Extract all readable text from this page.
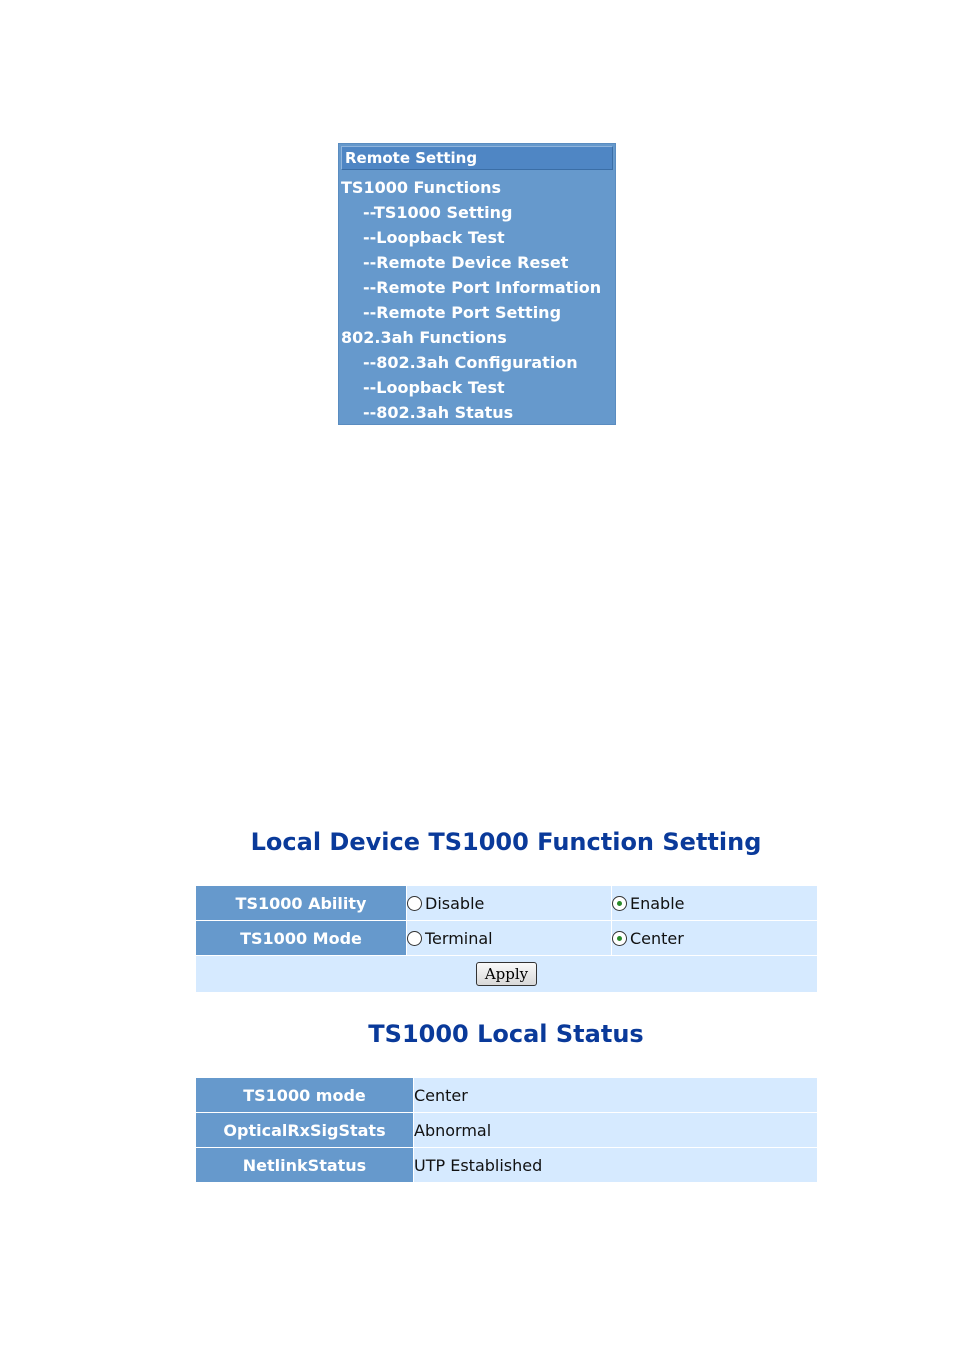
Remote Setting
TS1000 Functions
--TS1000 Setting
--Loopback Test
--Remote Device Reset
--Remote Port Information
--Remote Port Setting
802.3ah Functions
--802.3ah Configuration
--Loopback Test
--802.3ah Status
Local Device TS1000 Function Setting
TS1000 Ability	Disable	Enable
TS1000 Mode	Terminal	Center
Apply		
TS1000 Local Status
TS1000 mode	Center
OpticalRxSigStats	Abnormal
NetlinkStatus	UTP Established
